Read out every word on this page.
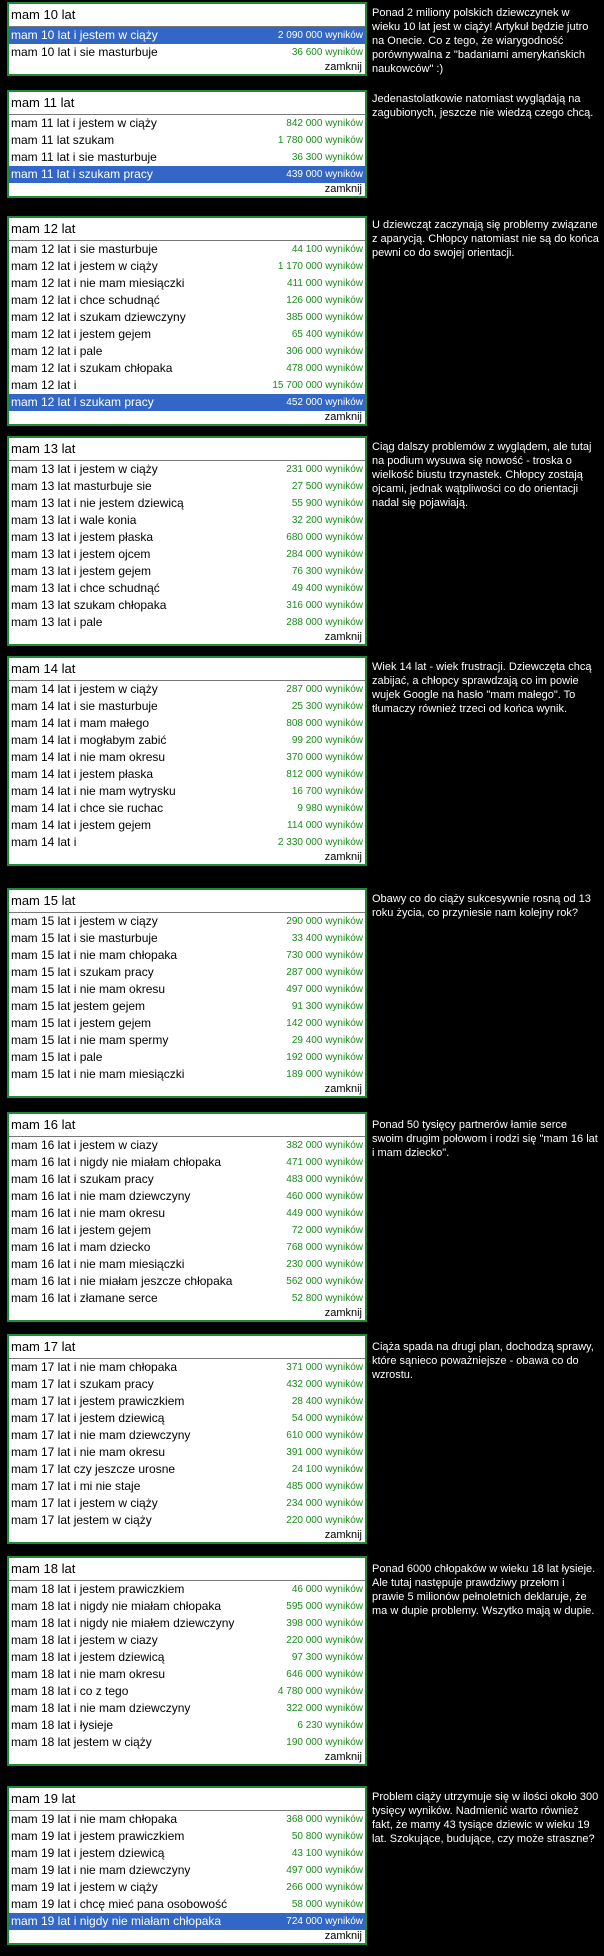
mam 10 lat
mam 10 lat i jestem w ciąży	2 090 000 wyników
mam 10 lat i sie masturbuje	36 600 wyników
zamknij
Ponad 2 miliony polskich dziewczynek w wieku 10 lat jest w ciąży! Artykuł będzie jutro na Onecie. Co z tego, że wiarygodność porównywalna z "badaniami amerykańskich naukowców" :)
mam 11 lat
mam 11 lat i jestem w ciąży	842 000 wyników
mam 11 lat szukam	1 780 000 wyników
mam 11 lat i sie masturbuje	36 300 wyników
mam 11 lat i szukam pracy	439 000 wyników
zamknij
Jedenastolatkowie natomiast wyglądają na zagubionych, jeszcze nie wiedzą czego chcą.
mam 12 lat
mam 12 lat i sie masturbuje	44 100 wyników
mam 12 lat i jestem w ciąży	1 170 000 wyników
mam 12 lat i nie mam miesiączki	411 000 wyników
mam 12 lat i chce schudnąć	126 000 wyników
mam 12 lat i szukam dziewczyny	385 000 wyników
mam 12 lat i jestem gejem	65 400 wyników
mam 12 lat i pale	306 000 wyników
mam 12 lat i szukam chłopaka	478 000 wyników
mam 12 lat i	15 700 000 wyników
mam 12 lat i szukam pracy	452 000 wyników
zamknij
U dziewcząt zaczynają się problemy związane z aparycją. Chłopcy natomiast nie są do końca pewni co do swojej orientacji.
mam 13 lat
mam 13 lat i jestem w ciąży	231 000 wyników
mam 13 lat masturbuje sie	27 500 wyników
mam 13 lat i nie jestem dziewicą	55 900 wyników
mam 13 lat i wale konia	32 200 wyników
mam 13 lat i jestem płaska	680 000 wyników
mam 13 lat i jestem ojcem	284 000 wyników
mam 13 lat i jestem gejem	76 300 wyników
mam 13 lat i chce schudnąć	49 400 wyników
mam 13 lat szukam chłopaka	316 000 wyników
mam 13 lat i pale	288 000 wyników
zamknij
Ciąg dalszy problemów z wyglądem, ale tutaj na podium wysuwa się nowość - troska o wielkość biustu trzynastek. Chłopcy zostają ojcami, jednak wątpliwości co do orientacji nadal się pojawiają.
mam 14 lat
mam 14 lat i jestem w ciąży	287 000 wyników
mam 14 lat i sie masturbuje	25 300 wyników
mam 14 lat i mam małego	808 000 wyników
mam 14 lat i mogłabym zabić	99 200 wyników
mam 14 lat i nie mam okresu	370 000 wyników
mam 14 lat i jestem płaska	812 000 wyników
mam 14 lat i nie mam wytrysku	16 700 wyników
mam 14 lat i chce sie ruchac	9 980 wyników
mam 14 lat i jestem gejem	114 000 wyników
mam 14 lat i	2 330 000 wyników
zamknij
Wiek 14 lat - wiek frustracji. Dziewczęta chcą zabijać, a chłopcy sprawdzają co im powie wujek Google na hasło "mam małego". To tłumaczy również trzeci od końca wynik.
mam 15 lat
mam 15 lat i jestem w ciązy	290 000 wyników
mam 15 lat i sie masturbuje	33 400 wyników
mam 15 lat i nie mam chłopaka	730 000 wyników
mam 15 lat i szukam pracy	287 000 wyników
mam 15 lat i nie mam okresu	497 000 wyników
mam 15 lat jestem gejem	91 300 wyników
mam 15 lat i jestem gejem	142 000 wyników
mam 15 lat i nie mam spermy	29 400 wyników
mam 15 lat i pale	192 000 wyników
mam 15 lat i nie mam miesiączki	189 000 wyników
zamknij
Obawy co do ciąży sukcesywnie rosną od 13 roku życia, co przyniesie nam kolejny rok?
mam 16 lat
mam 16 lat i jestem w ciazy	382 000 wyników
mam 16 lat i nigdy nie miałam chłopaka	471 000 wyników
mam 16 lat i szukam pracy	483 000 wyników
mam 16 lat i nie mam dziewczyny	460 000 wyników
mam 16 lat i nie mam okresu	449 000 wyników
mam 16 lat i jestem gejem	72 000 wyników
mam 16 lat i mam dziecko	768 000 wyników
mam 16 lat i nie mam miesiączki	230 000 wyników
mam 16 lat i nie miałam jeszcze chłopaka	562 000 wyników
mam 16 lat i złamane serce	52 800 wyników
zamknij
Ponad 50 tysięcy partnerów łamie serce swoim drugim połowom i rodzi się "mam 16 lat i mam dziecko".
mam 17 lat
mam 17 lat i nie mam chłopaka	371 000 wyników
mam 17 lat i szukam pracy	432 000 wyników
mam 17 lat i jestem prawiczkiem	28 400 wyników
mam 17 lat i jestem dziewicą	54 000 wyników
mam 17 lat i nie mam dziewczyny	610 000 wyników
mam 17 lat i nie mam okresu	391 000 wyników
mam 17 lat czy jeszcze urosne	24 100 wyników
mam 17 lat i mi nie staje	485 000 wyników
mam 17 lat i jestem w ciąży	234 000 wyników
mam 17 lat jestem w ciąży	220 000 wyników
zamknij
Ciąża spada na drugi plan, dochodzą sprawy, które sąnieco poważniejsze - obawa co do wzrostu.
mam 18 lat
mam 18 lat i jestem prawiczkiem	46 000 wyników
mam 18 lat i nigdy nie miałam chłopaka	595 000 wyników
mam 18 lat i nigdy nie miałem dziewczyny	398 000 wyników
mam 18 lat i jestem w ciazy	220 000 wyników
mam 18 lat i jestem dziewicą	97 300 wyników
mam 18 lat i nie mam okresu	646 000 wyników
mam 18 lat i co z tego	4 780 000 wyników
mam 18 lat i nie mam dziewczyny	322 000 wyników
mam 18 lat i łysieje	6 230 wyników
mam 18 lat jestem w ciąży	190 000 wyników
zamknij
Ponad 6000 chłopaków w wieku 18 lat łysieje. Ale tutaj następuje prawdziwy przełom i prawie 5 milionów pełnoletnich deklaruje, że ma w dupie problemy. Wszytko mają w dupie.
mam 19 lat
mam 19 lat i nie mam chłopaka	368 000 wyników
mam 19 lat i jestem prawiczkiem	50 800 wyników
mam 19 lat i jestem dziewicą	43 100 wyników
mam 19 lat i nie mam dziewczyny	497 000 wyników
mam 19 lat i jestem w ciąży	266 000 wyników
mam 19 lat i chcę mieć pana osobowość	58 000 wyników
mam 19 lat i nigdy nie miałam chłopaka	724 000 wyników
zamknij
Problem ciąży utrzymuje się w ilości około 300 tysięcy wyników. Nadmienić warto również fakt, że mamy 43 tysiące dziewic w wieku 19 lat. Szokujące, budujące, czy może straszne?
